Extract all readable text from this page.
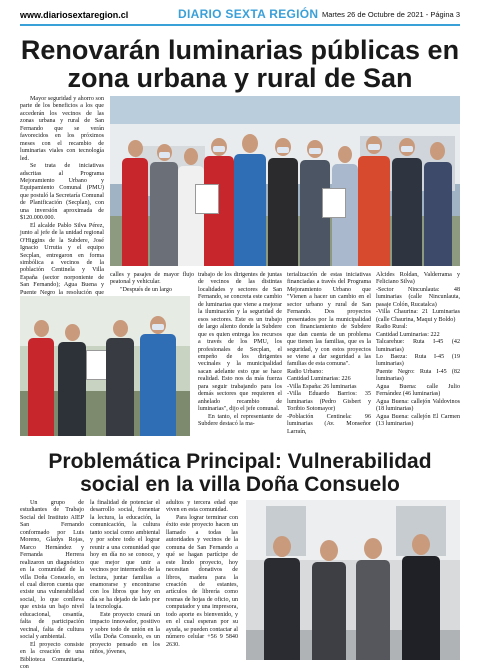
www.diariosextaregion.cl	DIARIO SEXTA REGIÓN Martes 26 de Octubre de 2021 - Página 3
Renovarán luminarias públicas en zona urbana y rural de San

Mayor seguridad y ahorro son parte de los beneficios a los que accederán los vecinos de las zonas urbana y rural de San Fernando que se verán favorecidos en los próximos meses con el recambio de luminarias viales con tecnología led.

Se trata de iniciativas adscritas al Programa Mejoramiento Urbano y Equipamiento Comunal (PMU) que postuló la Secretaría Comunal de Planificación (Secplan), con una inversión aproximada de $120.000.000.

El alcalde Pablo Silva Pérez, junto al jefe de la unidad regional O'Higgins de la Subdere, José Ignacio Urrutia y el equipo Secplan, entregaron en forma simbólica a vecinos de la población Centinela y Villa España (sector norponiente de San Fernando); Agua Buena y Puente Negro la resolución que

calles y pasajes de mayor flujo peatonal y vehicular.

"Después de un largo

trabajo de los dirigentes de juntas de vecinos de las distintas localidades y sectores de San Fernando, se concreta este cambio de luminarias que viene a mejorar la iluminación y la seguridad de esos sectores. Este es un trabajo de largo aliento donde la Subdere que es quien entrega los recursos a través de los PMU, los profesionales de Secplan, el empeño de los dirigentes vecinales y la municipalidad sacan adelante esto que se hace realidad. Esto nos da más fuerza para seguir trabajando para los demás sectores que requieren el anhelado recambio de luminarias", dijo el jefe comunal.

En tanto, el representante de Subdere destacó la ma-

terialización de estas iniciativas financiadas a través del Programa Mejoramiento Urbano que "Vienen a hacer un cambio en el sector urbano y rural de San Fernando. Dos proyectos presentados por la municipalidad con financiamiento de Subdere que dan cuenta de un problema que tienen las familias, que es la seguridad, y con estos proyectos se viene a dar seguridad a las familias de esta comuna".

Radio Urbano:

Cantidad Luminarias: 226

-Villa España: 26 luminarias

-Villa Eduardo Barrios: 35 luminarias (Pedro Gisbert y Toribio Sotomayor)

-Población Centinela: 96 luminarias (Av. Monseñor Larraín,

Alcides Roldan, Valderrama y Feliciano Silva)

-Sector Nincunlauta: 48 luminarias (calle Nincunlauta, pasaje Colón, Rucatalca)

-Villa Chaurina: 21 Luminarias (calle Chaurina, Maqui y Boldo)

Radio Rural:

Cantidad Luminarias: 222

Talcarehue: Ruta I-45 (42 luminarias)

Lo Baeza: Ruta I-45 (19 luminarias)

Puente Negro: Ruta I-45 (82 luminarias)

Agua Buena: calle Julio Fernández (46 luminarias)

Agua Buena: callejón Valdovinos (18 luminarias)

Agua Buena: callejón El Carmen (13 luminarias)

Problemática Principal: Vulnerabilidad social en la villa Doña Consuelo

Un grupo de estudiantes de Trabajo Social del Instituto AIEP San Fernando conformado por Luis Moreno, Gladys Rojas, Marco Hernández y Fernanda Herrera realizaron un diagnóstico en la comunidad de la villa Doña Consuelo, en el cual dieron cuenta que existe una vulnerabilidad social, lo que conlleva que exista un bajo nivel educacional, cesantía, falta de participación vecinal, falta de cultura social y ambiental.

El proyecto consiste en la creación de una Biblioteca Comunitaria, con

la finalidad de potenciar el desarrollo social, fomentar la lectura, la educación, la comunicación, la cultura tanto social como ambiental y por sobre todo el lograr reunir a una comunidad que hoy en día no se conoce, y que mejor que unir a vecinos por intermedio de la lectura, juntar familias a enamorarse y encontrarse con los libros que hoy en día se ha dejado de lado por la tecnología.

Este proyecto creará un impacto innovador, positivo y sobre todo de unión en la villa Doña Consuelo, es un proyecto pensado en los niños, jóvenes,

adultos y tercera edad que viven en esta comunidad.

Para lograr terminar con éxito este proyecto hacen un llamado a todas las autoridades y vecinos de la comuna de San Fernando a qué se hagan partícipe de este lindo proyecto, hoy necesitan donativos de libros, madera para la creación de estantes, artículos de librería como resmas de hojas de oficio, un computador y una impresora, todo aporte es bienvenido, y en el cual esperan por su ayuda, se pueden contactar al número celular +56 9 5840 2630.
